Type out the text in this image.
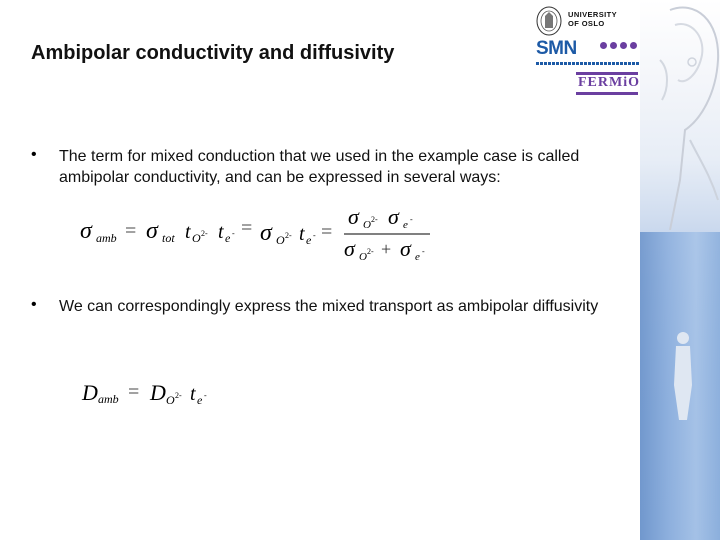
UNIVERSITY
OF OSLO
SMN
FERMiO
Ambipolar conductivity and diffusivity
• The term for mixed conduction that we used in the example case is called ambipolar conductivity, and can be expressed in several ways:
σ amb = σ tot t O 2- t e - = σ O 2- t e - =
σ O 2- σ e -
σ O 2- + σ e -
• We can correspondingly express the mixed transport as ambipolar diffusivity
D amb = D O 2- t e -
